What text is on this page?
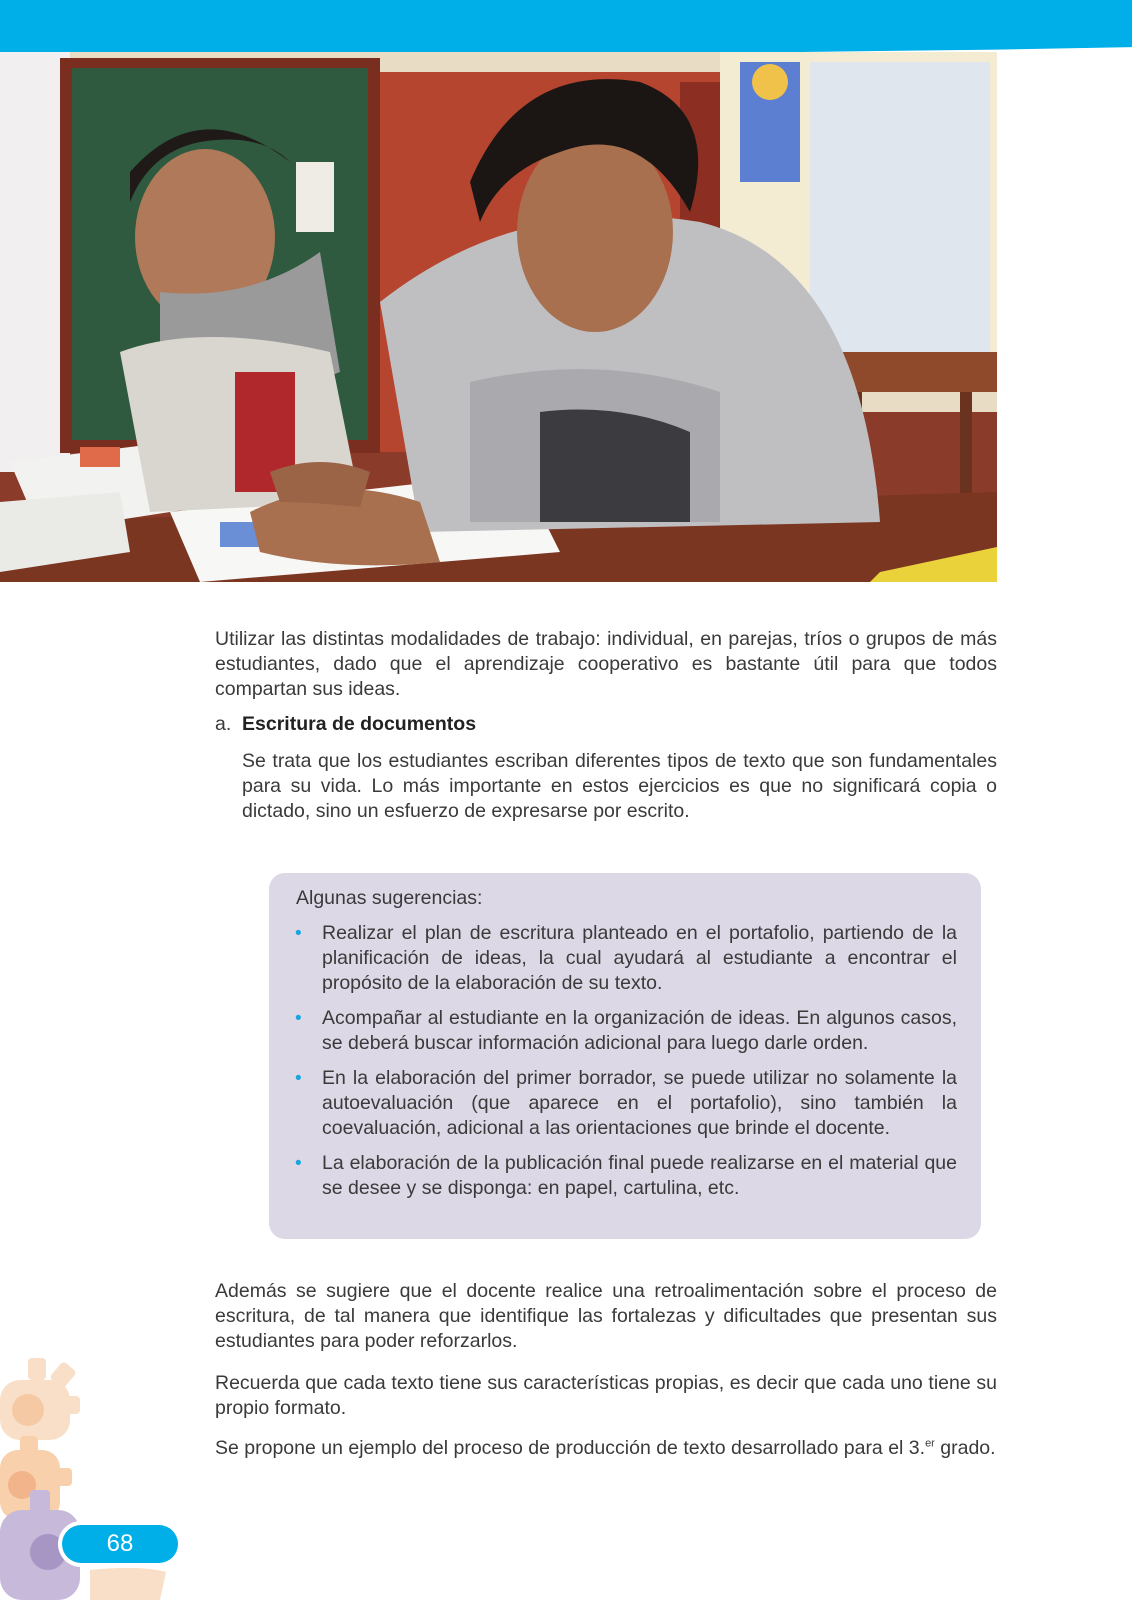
Utilizar las distintas modalidades de trabajo: individual, en parejas, tríos o grupos de más estudiantes, dado que el aprendizaje cooperativo es bastante útil para que todos compartan sus ideas.
a. Escritura de documentos
Se trata que los estudiantes escriban diferentes tipos de texto que son fundamentales para su vida. Lo más importante en estos ejercicios es que no significará copia o dictado, sino un esfuerzo de expresarse por escrito.
Algunas sugerencias:
• Realizar el plan de escritura planteado en el portafolio, partiendo de la planificación de ideas, la cual ayudará al estudiante a encontrar el propósito de la elaboración de su texto.
• Acompañar al estudiante en la organización de ideas. En algunos casos, se deberá buscar información adicional para luego darle orden.
• En la elaboración del primer borrador, se puede utilizar no solamente la autoevaluación (que aparece en el portafolio), sino también la coevaluación, adicional a las orientaciones que brinde el docente.
• La elaboración de la publicación final puede realizarse en el material que se desee y se disponga: en papel, cartulina, etc.
Además se sugiere que el docente realice una retroalimentación sobre el proceso de escritura, de tal manera que identifique las fortalezas y dificultades que presentan sus estudiantes para poder reforzarlos.
Recuerda que cada texto tiene sus características propias, es decir que cada uno tiene su propio formato.
Se propone un ejemplo del proceso de producción de texto desarrollado para el 3.$^{er}$ grado.
68
